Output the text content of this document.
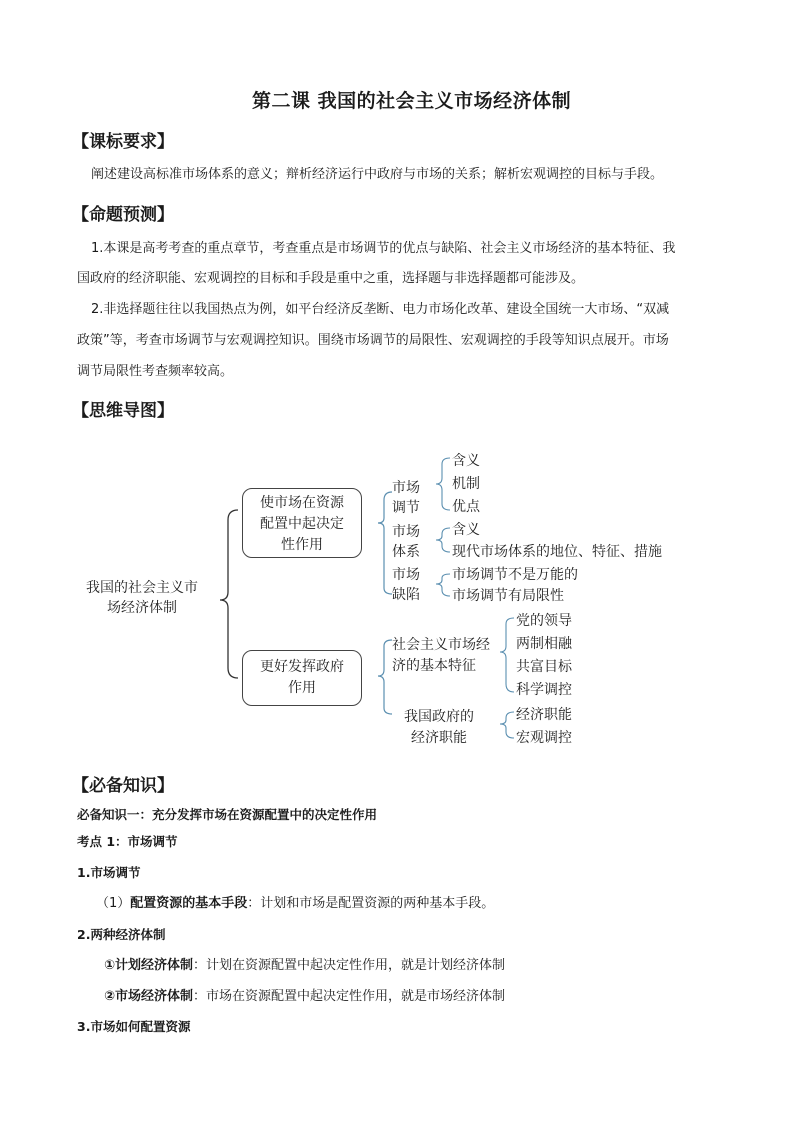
第二课 我国的社会主义市场经济体制
【课标要求】
阐述建设高标准市场体系的意义；辩析经济运行中政府与市场的关系；解析宏观调控的目标与手段。
【命题预测】
1.本课是高考考查的重点章节，考查重点是市场调节的优点与缺陷、社会主义市场经济的基本特征、我
国政府的经济职能、宏观调控的目标和手段是重中之重，选择题与非选择题都可能涉及。
2.非选择题往往以我国热点为例，如平台经济反垄断、电力市场化改革、建设全国统一大市场、“双减
政策”等，考查市场调节与宏观调控知识。围绕市场调节的局限性、宏观调控的手段等知识点展开。市场
调节局限性考查频率较高。
【思维导图】
我国的社会主义市
场经济体制
使市场在资源
配置中起决定
性作用
更好发挥政府
作用
市场
调节
含义
机制
优点
市场
体系
含义
现代市场体系的地位、特征、措施
市场
缺陷
市场调节不是万能的
市场调节有局限性
社会主义市场经
济的基本特征
党的领导
两制相融
共富目标
科学调控
我国政府的
经济职能
经济职能
宏观调控
【必备知识】
必备知识一：充分发挥市场在资源配置中的决定性作用
考点 1：市场调节
1.市场调节
（1）配置资源的基本手段：计划和市场是配置资源的两种基本手段。
2.两种经济体制
①计划经济体制：计划在资源配置中起决定性作用，就是计划经济体制
②市场经济体制：市场在资源配置中起决定性作用，就是市场经济体制
3.市场如何配置资源
